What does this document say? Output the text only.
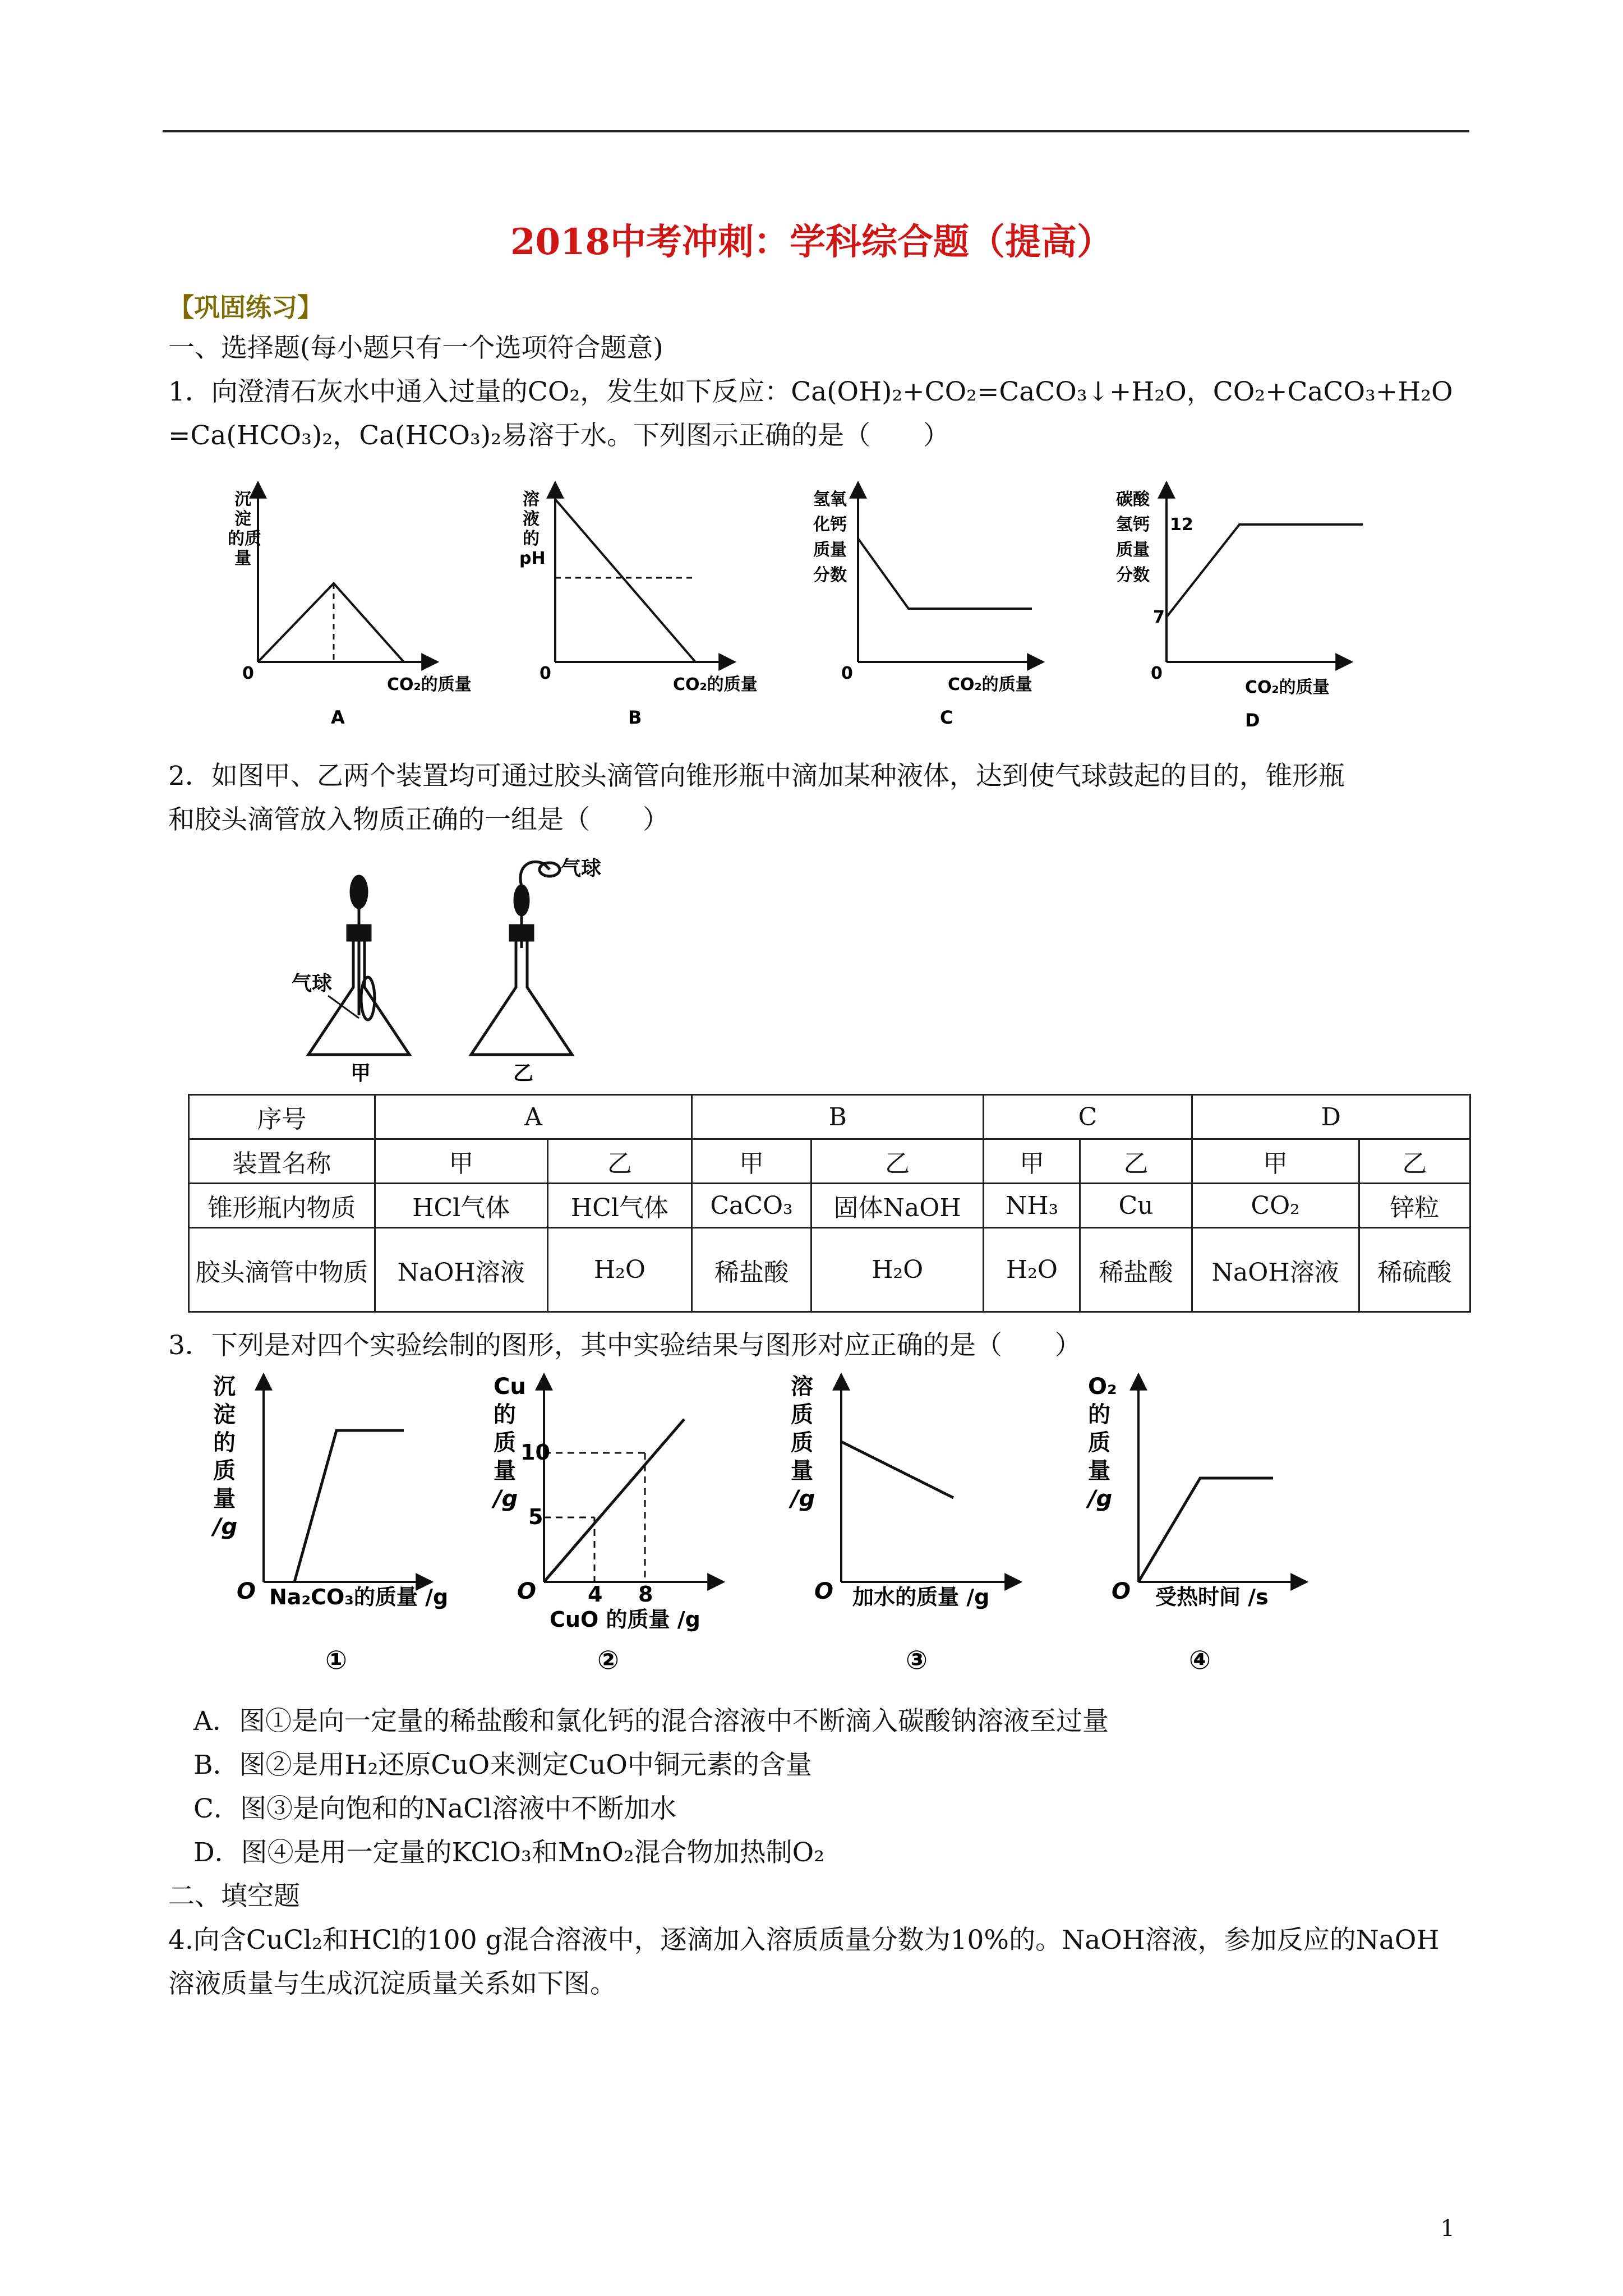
2018中考冲刺：学科综合题（提高）
【巩固练习】
一、选择题(每小题只有一个选项符合题意)
1．向澄清石灰水中通入过量的CO₂，发生如下反应：Ca(OH)₂+CO₂=CaCO₃↓+H₂O，CO₂+CaCO₃+H₂O
=Ca(HCO₃)₂，Ca(HCO₃)₂易溶于水。下列图示正确的是（　　）
沉
淀
的质
量
0
CO₂的质量
A
溶
液
的
pH
0
CO₂的质量
B
氢氧
化钙
质量
分数
0
CO₂的质量
C
碳酸
氢钙
质量
分数
12
7
0
CO₂的质量
D
2．如图甲、乙两个装置均可通过胶头滴管向锥形瓶中滴加某种液体，达到使气球鼓起的目的，锥形瓶
和胶头滴管放入物质正确的一组是（　　）
气球
甲
气球
乙
序号	A		B		C		D	
装置名称	甲	乙	甲	乙	甲	乙	甲	乙
锥形瓶内物质	HCl气体	HCl气体	CaCO₃	固体NaOH	NH₃	Cu	CO₂	锌粒
胶头滴管中物质	NaOH溶液	H₂O	稀盐酸	H₂O	H₂O	稀盐酸	NaOH溶液	稀硫酸
3．下列是对四个实验绘制的图形，其中实验结果与图形对应正确的是（　　）
沉
淀
的
质
量
/g
O Na₂CO₃的质量 /g
①
Cu
的
质
量
/g
10
5
4 8
O
CuO 的质量 /g
②
溶
质
质
量
/g
O 加水的质量 /g
③
O₂
的
质
量
/g
O 受热时间 /s
④
A．图①是向一定量的稀盐酸和氯化钙的混合溶液中不断滴入碳酸钠溶液至过量
B．图②是用H₂还原CuO来测定CuO中铜元素的含量
C．图③是向饱和的NaCl溶液中不断加水
D．图④是用一定量的KClO₃和MnO₂混合物加热制O₂
二、填空题
4.向含CuCl₂和HCl的100 g混合溶液中，逐滴加入溶质质量分数为10%的。NaOH溶液，参加反应的NaOH
溶液质量与生成沉淀质量关系如下图。
1
